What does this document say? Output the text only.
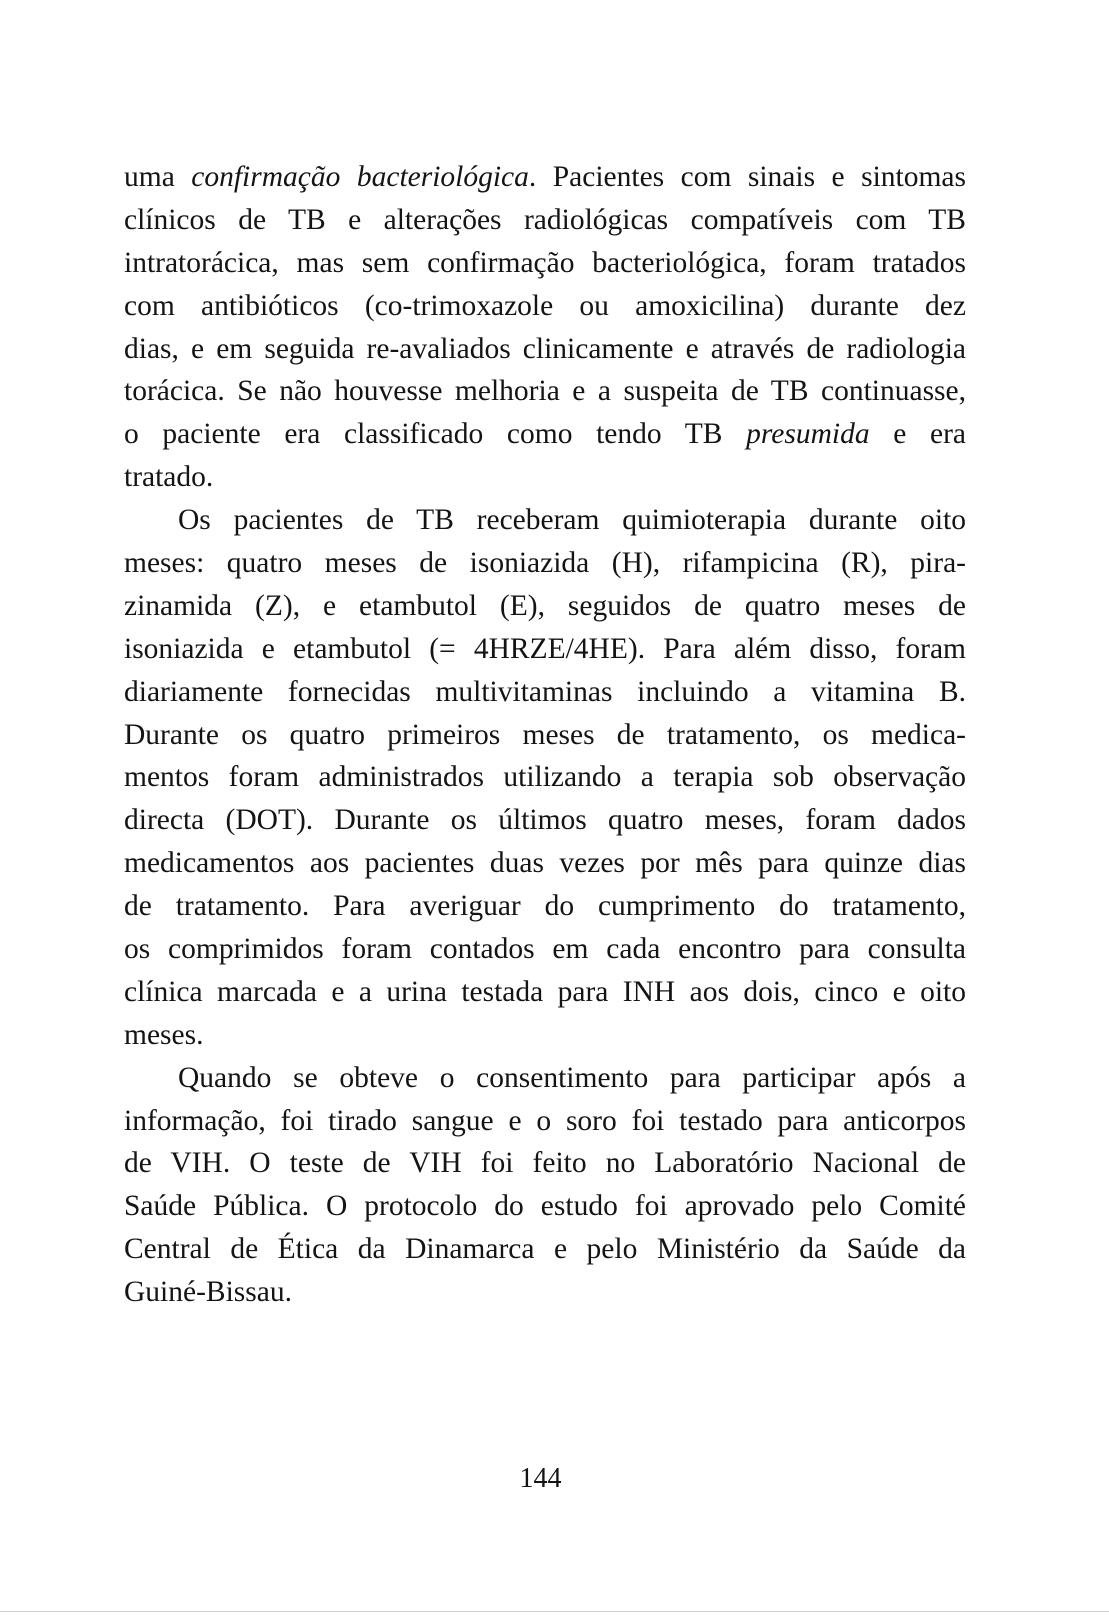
uma confirmação bacteriológica. Pacientes com sinais e sintomas
clínicos de TB e alterações radiológicas compatíveis com TB
intratorácica, mas sem confirmação bacteriológica, foram tratados
com antibióticos (co-trimoxazole ou amoxicilina) durante dez
dias, e em seguida re-avaliados clinicamente e através de radiologia
torácica. Se não houvesse melhoria e a suspeita de TB continuasse,
o paciente era classificado como tendo TB presumida e era
tratado.
Os pacientes de TB receberam quimioterapia durante oito
meses: quatro meses de isoniazida (H), rifampicina (R), pira-
zinamida (Z), e etambutol (E), seguidos de quatro meses de
isoniazida e etambutol (= 4HRZE/4HE). Para além disso, foram
diariamente fornecidas multivitaminas incluindo a vitamina B.
Durante os quatro primeiros meses de tratamento, os medica-
mentos foram administrados utilizando a terapia sob observação
directa (DOT). Durante os últimos quatro meses, foram dados
medicamentos aos pacientes duas vezes por mês para quinze dias
de tratamento. Para averiguar do cumprimento do tratamento,
os comprimidos foram contados em cada encontro para consulta
clínica marcada e a urina testada para INH aos dois, cinco e oito
meses.
Quando se obteve o consentimento para participar após a
informação, foi tirado sangue e o soro foi testado para anticorpos
de VIH. O teste de VIH foi feito no Laboratório Nacional de
Saúde Pública. O protocolo do estudo foi aprovado pelo Comité
Central de Ética da Dinamarca e pelo Ministério da Saúde da
Guiné-Bissau.
144
